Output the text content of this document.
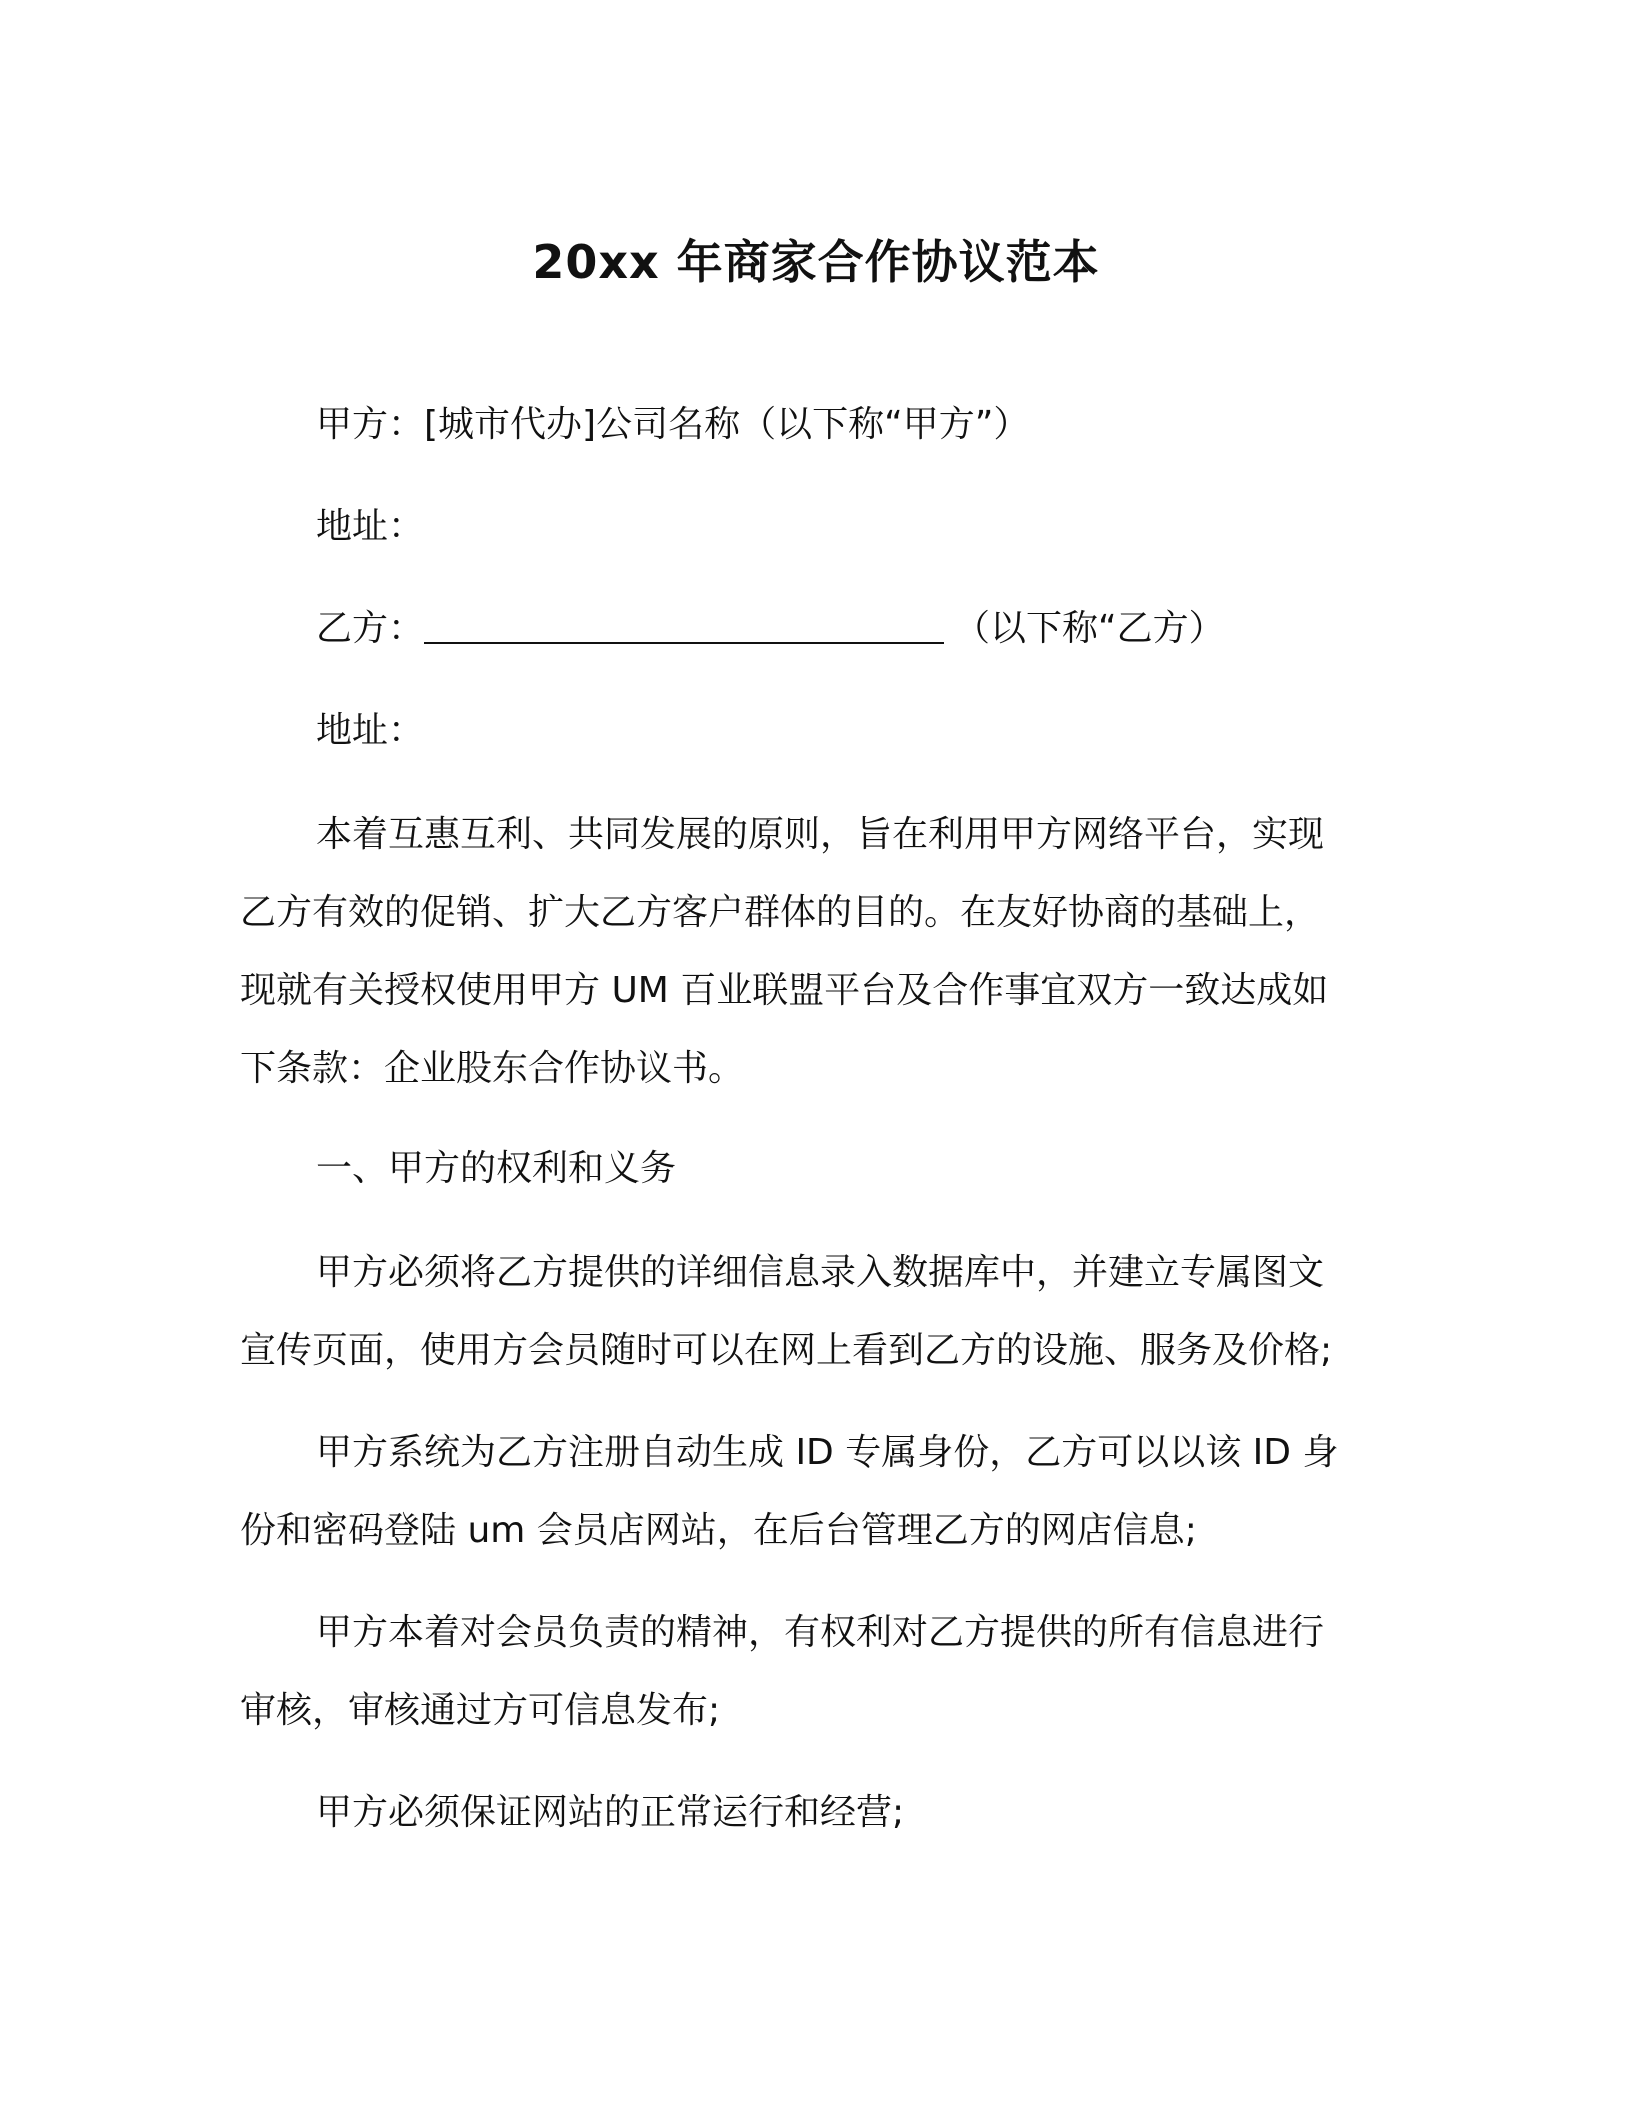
20xx 年商家合作协议范本
甲方：[城市代办]公司名称（以下称“甲方”）
地址：
乙方：	（以下称“乙方）
地址：
本着互惠互利、共同发展的原则，旨在利用甲方网络平台，实现
乙方有效的促销、扩大乙方客户群体的目的。在友好协商的基础上，
现就有关授权使用甲方 UM 百业联盟平台及合作事宜双方一致达成如
下条款：企业股东合作协议书。
一、甲方的权利和义务
甲方必须将乙方提供的详细信息录入数据库中，并建立专属图文
宣传页面，使用方会员随时可以在网上看到乙方的设施、服务及价格;
甲方系统为乙方注册自动生成 ID 专属身份，乙方可以以该 ID 身
份和密码登陆 um 会员店网站，在后台管理乙方的网店信息;
甲方本着对会员负责的精神，有权利对乙方提供的所有信息进行
审核，审核通过方可信息发布;
甲方必须保证网站的正常运行和经营;
